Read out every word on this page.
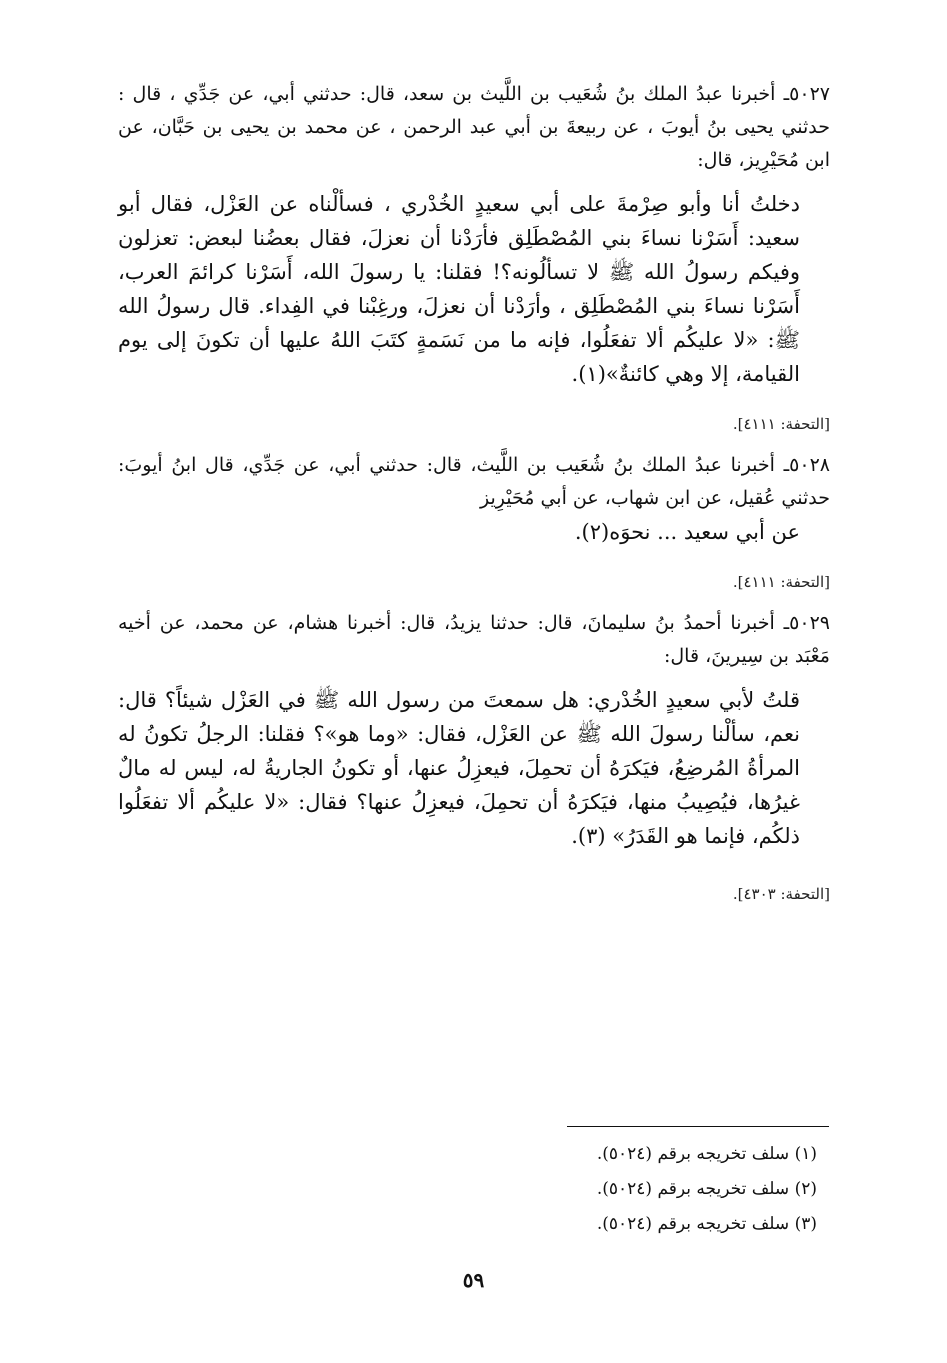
٥٠٢٧ـ أخبرنا عبدُ الملك بنُ شُعَيب بن اللَّيث بن سعد، قال: حدثني أبي، عن جَدِّي ، قال : حدثني يحيى بنُ أيوبَ ، عن ربيعةَ بن أبي عبد الرحمن ، عن محمد بن يحيى بن حَبَّان، عن ابن مُحَيْرِيز، قال:

دخلتُ أنا وأبو صِرْمةَ على أبي سعيدٍ الخُدْري ، فسألْناه عن العَزْل، فقال أبو سعيد: أَسَرْنا نساءَ بني المُصْطَلِق فأرَدْنا أن نعزلَ، فقال بعضُنا لبعض: تعزلون وفيكم رسولُ الله ﷺ لا تسألُونه؟! فقلنا: يا رسولَ الله، أَسَرْنا كرائمَ العرب، أَسَرْنا نساءَ بني المُصْطَلِق ، وأرَدْنا أن نعزلَ، ورغِبْنا في الفِداء. قال رسولُ الله ﷺ: «لا عليكُم ألا تفعَلُوا، فإنه ما من نَسَمةٍ كتَبَ اللهُ عليها أن تكونَ إلى يوم القيامة، إلا وهي كائنةٌ»(١).

[التحفة: ٤١١١].

٥٠٢٨ـ أخبرنا عبدُ الملك بنُ شُعَيب بن اللَّيث، قال: حدثني أبي، عن جَدِّي، قال ابنُ أيوبَ: حدثني عُقيل، عن ابن شهاب، عن أبي مُحَيْرِيز

عن أبي سعيد ... نحوَه(٢).

[التحفة: ٤١١١].

٥٠٢٩ـ أخبرنا أحمدُ بنُ سليمانَ، قال: حدثنا يزيدُ، قال: أخبرنا هشام، عن محمد، عن أخيه مَعْبَد بن سِيرينَ، قال:

قلتُ لأبي سعيدٍ الخُدْري: هل سمعتَ من رسول الله ﷺ في العَزْل شيئاً؟ قال: نعم، سألْنا رسولَ الله ﷺ عن العَزْل، فقال: «وما هو»؟ فقلنا: الرجلُ تكونُ له المرأةُ المُرضِعُ، فيَكرَهُ أن تحمِلَ، فيعزِلُ عنها، أو تكونُ الجاريةُ له، ليس له مالٌ غيرُها، فيُصِيبُ منها، فيَكرَهُ أن تحمِلَ، فيعزِلُ عنها؟ فقال: «لا عليكُم ألا تفعَلُوا ذلكُم، فإنما هو القَدَرُ» (٣).

[التحفة: ٤٣٠٣].
(١) سلف تخريجه برقم (٥٠٢٤).
(٢) سلف تخريجه برقم (٥٠٢٤).
(٣) سلف تخريجه برقم (٥٠٢٤).
٥٩
